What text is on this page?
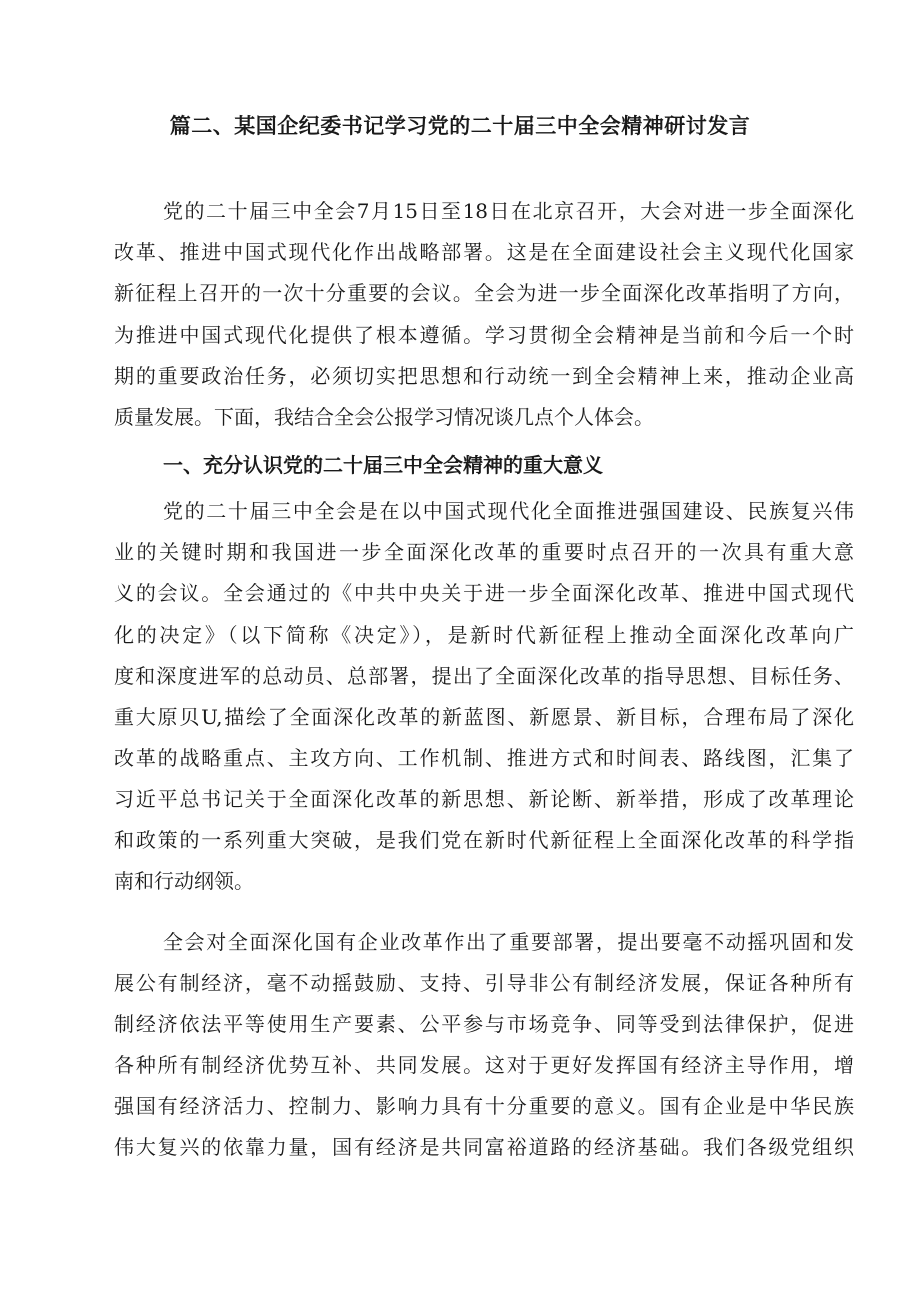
篇二、某国企纪委书记学习党的二十届三中全会精神研讨发言

党的二十届三中全会7月15日至18日在北京召开，大会对进一步全面深化

改革、推进中国式现代化作出战略部署。这是在全面建设社会主义现代化国家

新征程上召开的一次十分重要的会议。全会为进一步全面深化改革指明了方向，

为推进中国式现代化提供了根本遵循。学习贯彻全会精神是当前和今后一个时

期的重要政治任务，必须切实把思想和行动统一到全会精神上来，推动企业高

质量发展。下面，我结合全会公报学习情况谈几点个人体会。

一、充分认识党的二十届三中全会精神的重大意义

党的二十届三中全会是在以中国式现代化全面推进强国建设、民族复兴伟

业的关键时期和我国进一步全面深化改革的重要时点召开的一次具有重大意

义的会议。全会通过的《中共中央关于进一步全面深化改革、推进中国式现代

化的决定》（以下简称《决定》），是新时代新征程上推动全面深化改革向广

度和深度进军的总动员、总部署，提出了全面深化改革的指导思想、目标任务、

重大原贝U,描绘了全面深化改革的新蓝图、新愿景、新目标，合理布局了深化

改革的战略重点、主攻方向、工作机制、推进方式和时间表、路线图，汇集了

习近平总书记关于全面深化改革的新思想、新论断、新举措，形成了改革理论

和政策的一系列重大突破，是我们党在新时代新征程上全面深化改革的科学指

南和行动纲领。

全会对全面深化国有企业改革作出了重要部署，提出要毫不动摇巩固和发

展公有制经济，毫不动摇鼓励、支持、引导非公有制经济发展，保证各种所有

制经济依法平等使用生产要素、公平参与市场竞争、同等受到法律保护，促进

各种所有制经济优势互补、共同发展。这对于更好发挥国有经济主导作用，增

强国有经济活力、控制力、影响力具有十分重要的意义。国有企业是中华民族

伟大复兴的依靠力量，国有经济是共同富裕道路的经济基础。我们各级党组织
